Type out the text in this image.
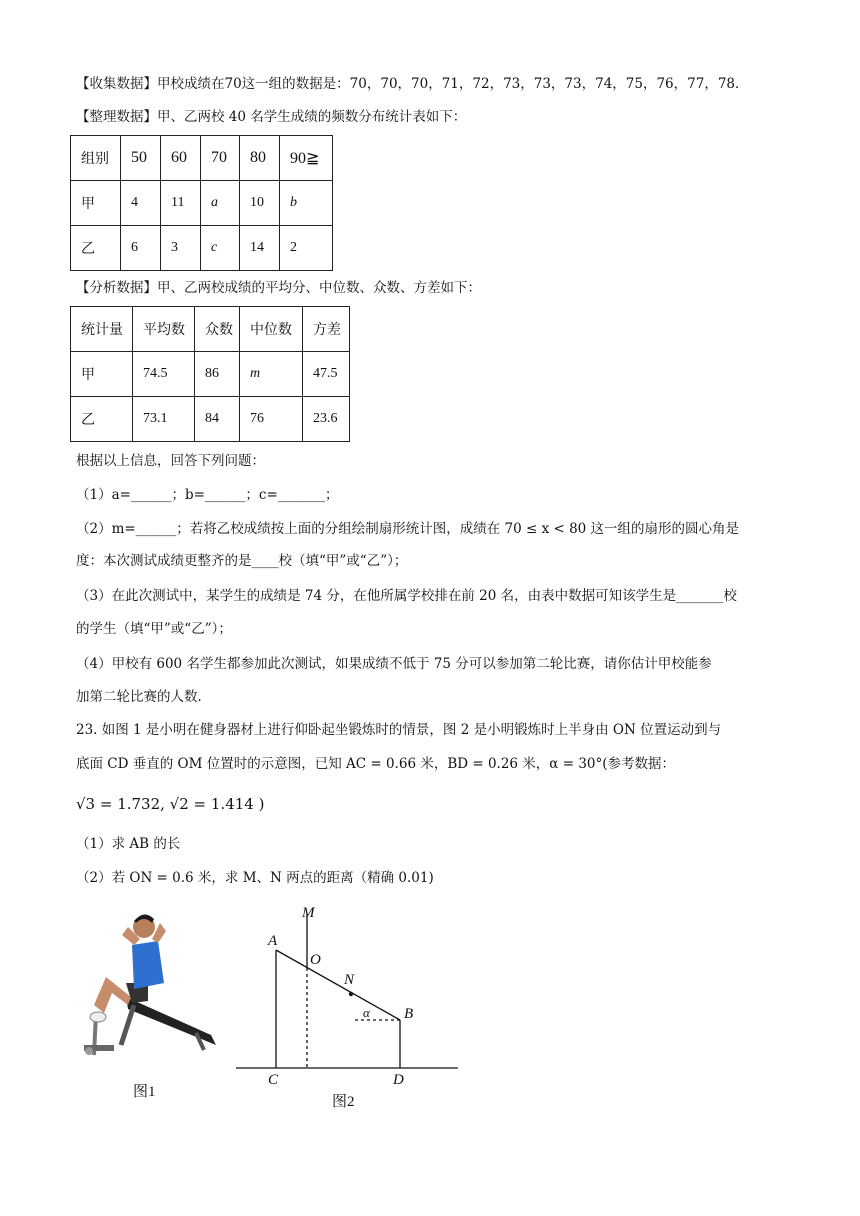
【收集数据】甲校成绩在70这一组的数据是：70，70，70，71，72，73，73，73，74，75，76，77，78．
【整理数据】甲、乙两校 40 名学生成绩的频数分布统计表如下：
组别	50	60	70	80	90≧
甲	4	11	a	10	b
乙	6	3	c	14	2
【分析数据】甲、乙两校成绩的平均分、中位数、众数、方差如下：
统计量	平均数	众数	中位数	方差
甲	74.5	86	m	47.5
乙	73.1	84	76	23.6
根据以上信息，回答下列问题：
（1）a=______；b=______；c=_______；
（2）m=______；若将乙校成绩按上面的分组绘制扇形统计图，成绩在 70 ≤ x < 80 这一组的扇形的圆心角是
度：本次测试成绩更整齐的是____校（填“甲”或“乙”）；
（3）在此次测试中，某学生的成绩是 74 分，在他所属学校排在前 20 名，由表中数据可知该学生是_______校
的学生（填“甲”或“乙”）；
（4）甲校有 600 名学生都参加此次测试，如果成绩不低于 75 分可以参加第二轮比赛，请你估计甲校能参
加第二轮比赛的人数．
23. 如图 1 是小明在健身器材上进行仰卧起坐锻炼时的情景，图 2 是小明锻炼时上半身由 ON 位置运动到与
底面 CD 垂直的 OM 位置时的示意图，已知 AC = 0.66 米，BD = 0.26 米，α = 30°(参考数据：
√3 = 1.732, √2 = 1.414 )
（1）求 AB 的长
（2）若 ON = 0.6 米，求 M、N 两点的距离（精确 0.01)
图1
M
A
O
N
α B
C	D
图2
